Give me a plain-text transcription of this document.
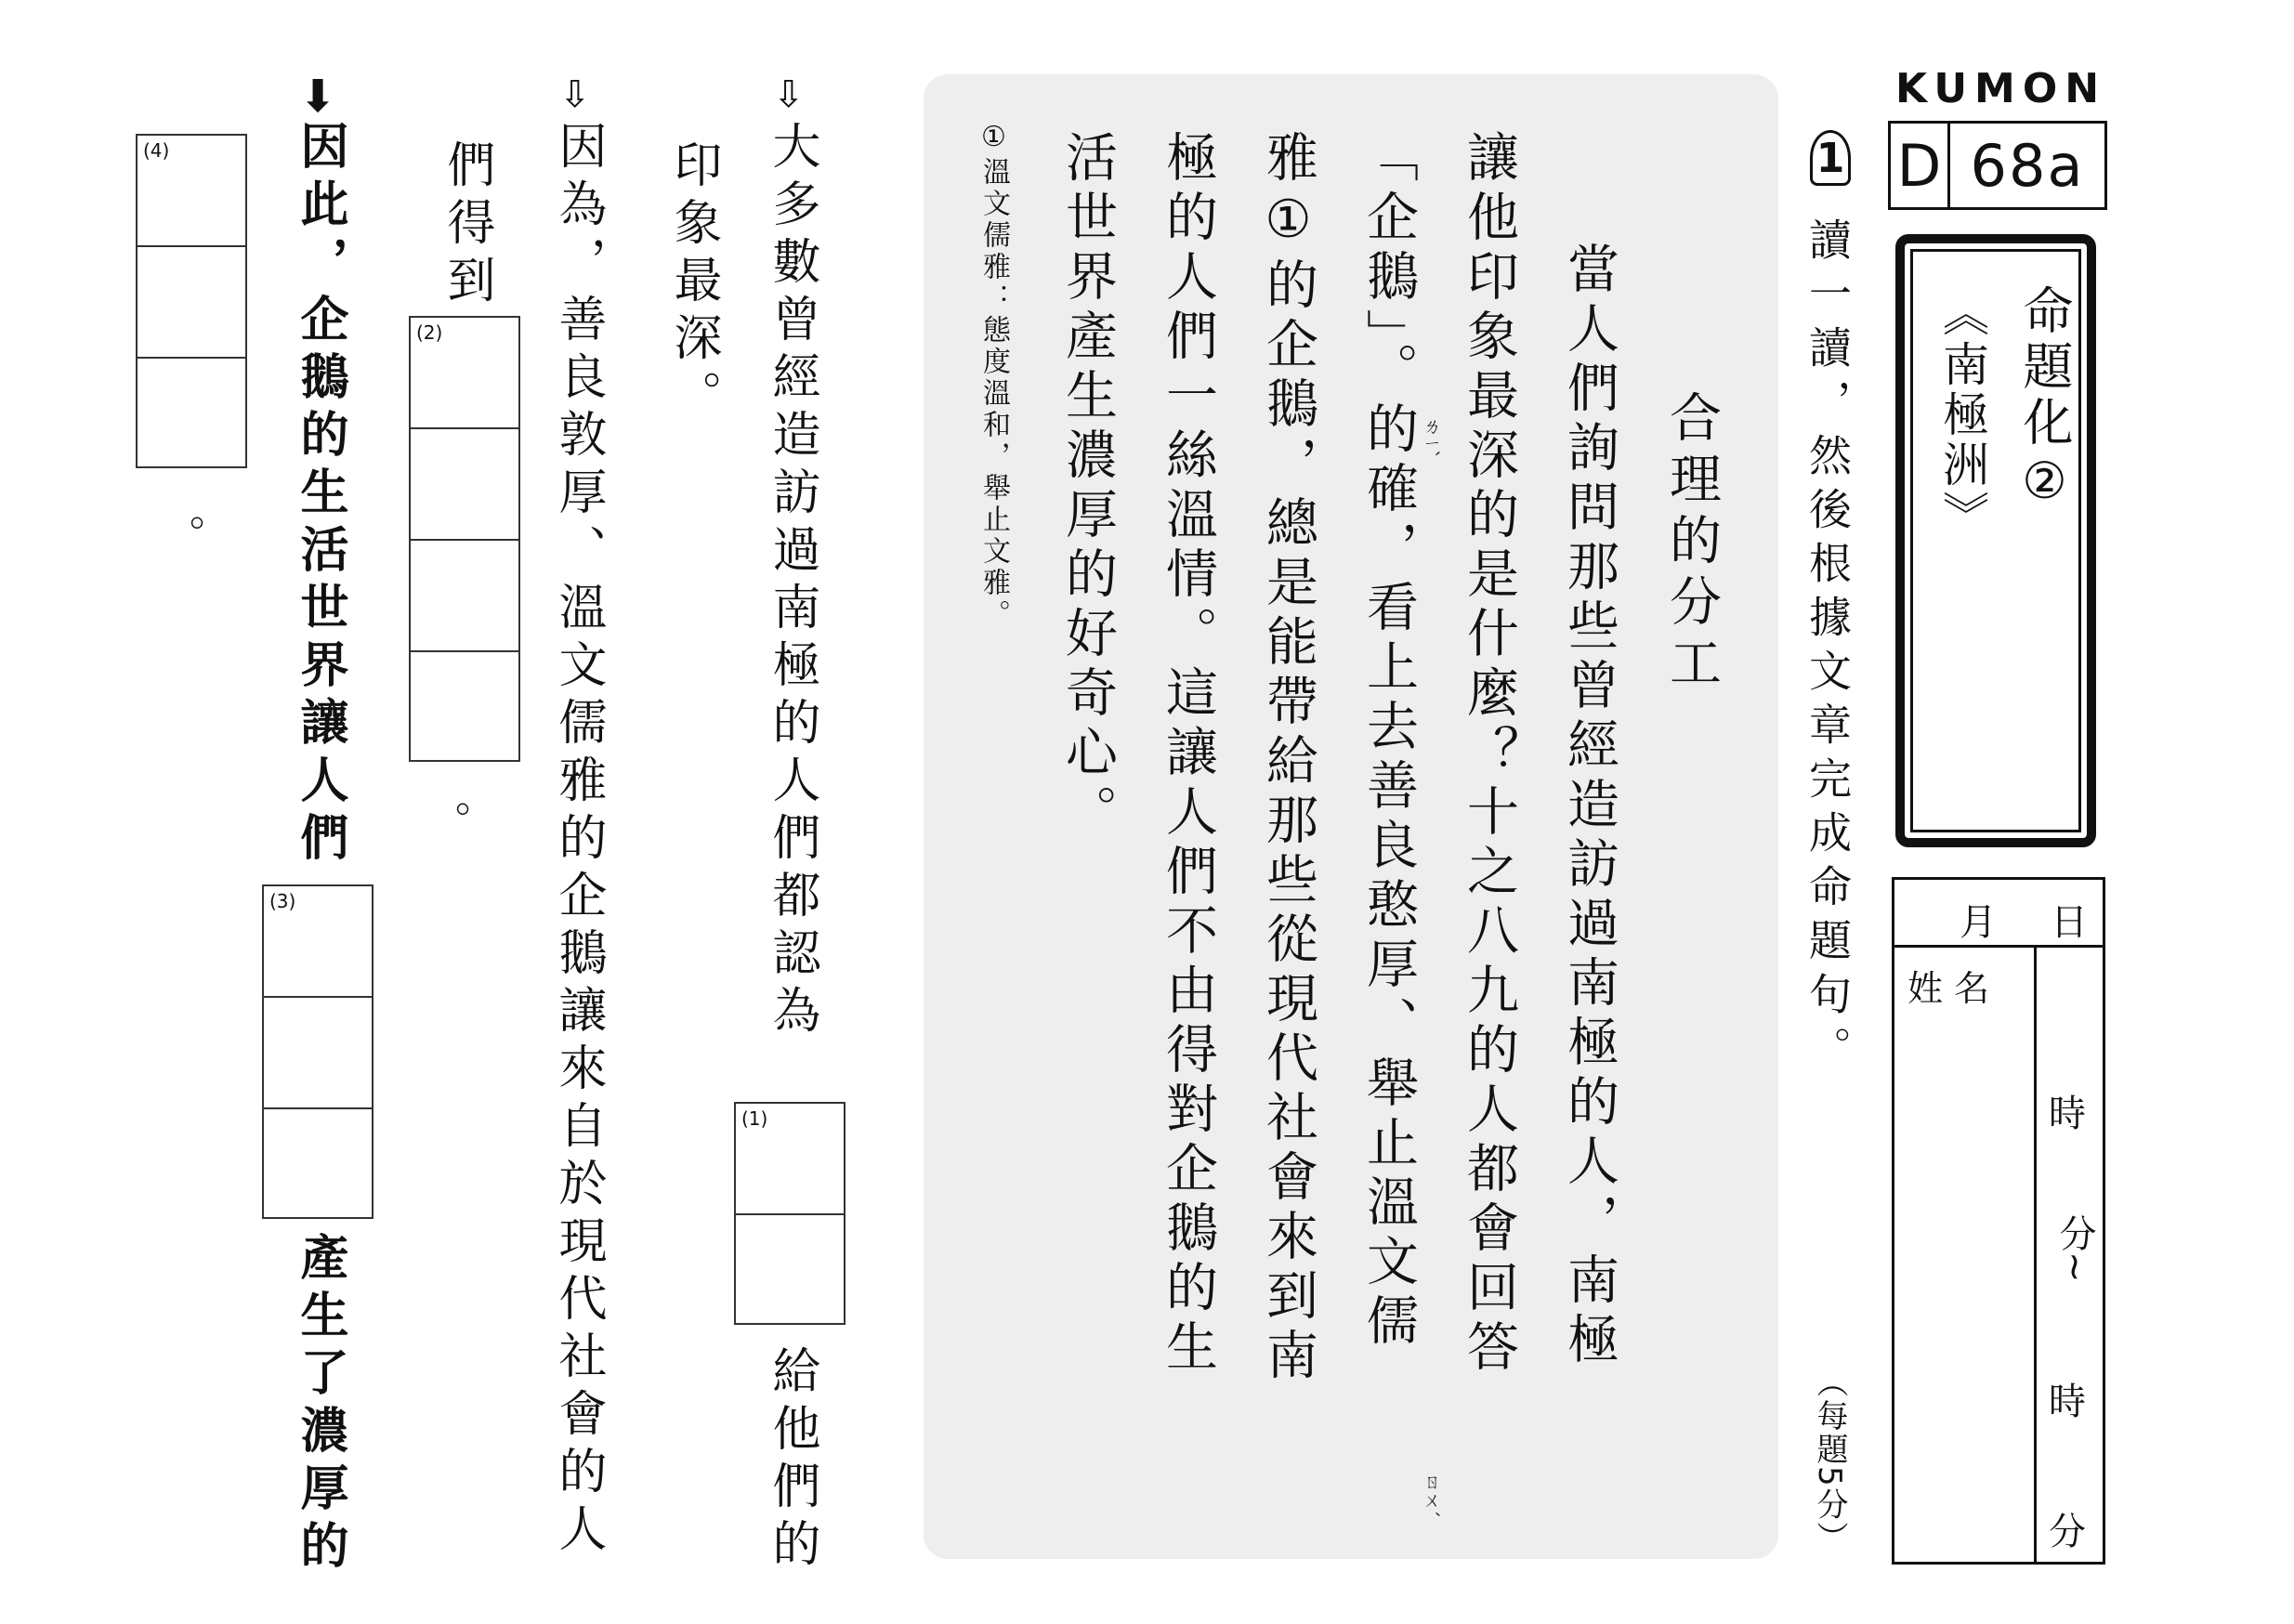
KUMON
D 68a
命題化②
《南極洲》
月 日
姓名
時
分~
時
分
1
讀一讀，然後根據文章完成命題句。
（每題5分）
合理的分工
當人們詢問那些曾經造訪過南極的人，南極
讓他印象最深的是什麼？十之八九的人都會回答
「企鵝」。的確，看上去善良憨厚、舉止溫文儒
雅①的企鵝，總是能帶給那些從現代社會來到南
極的人們一絲溫情。這讓人們不由得對企鵝的生
活世界產生濃厚的好奇心。	ㄌㄧˋ
ㄖㄨˊ
①溫文儒雅：態度溫和，舉止文雅。
⇩
大多數曾經造訪過南極的人們都認為
(1)
給他們的
印象最深。
⇩
因為，善良敦厚、溫文儒雅的企鵝讓來自於現代社會的人
們得到
(2)
。
⬇
因此，企鵝的生活世界讓人們
(3)
產生了濃厚的
(4)
。
